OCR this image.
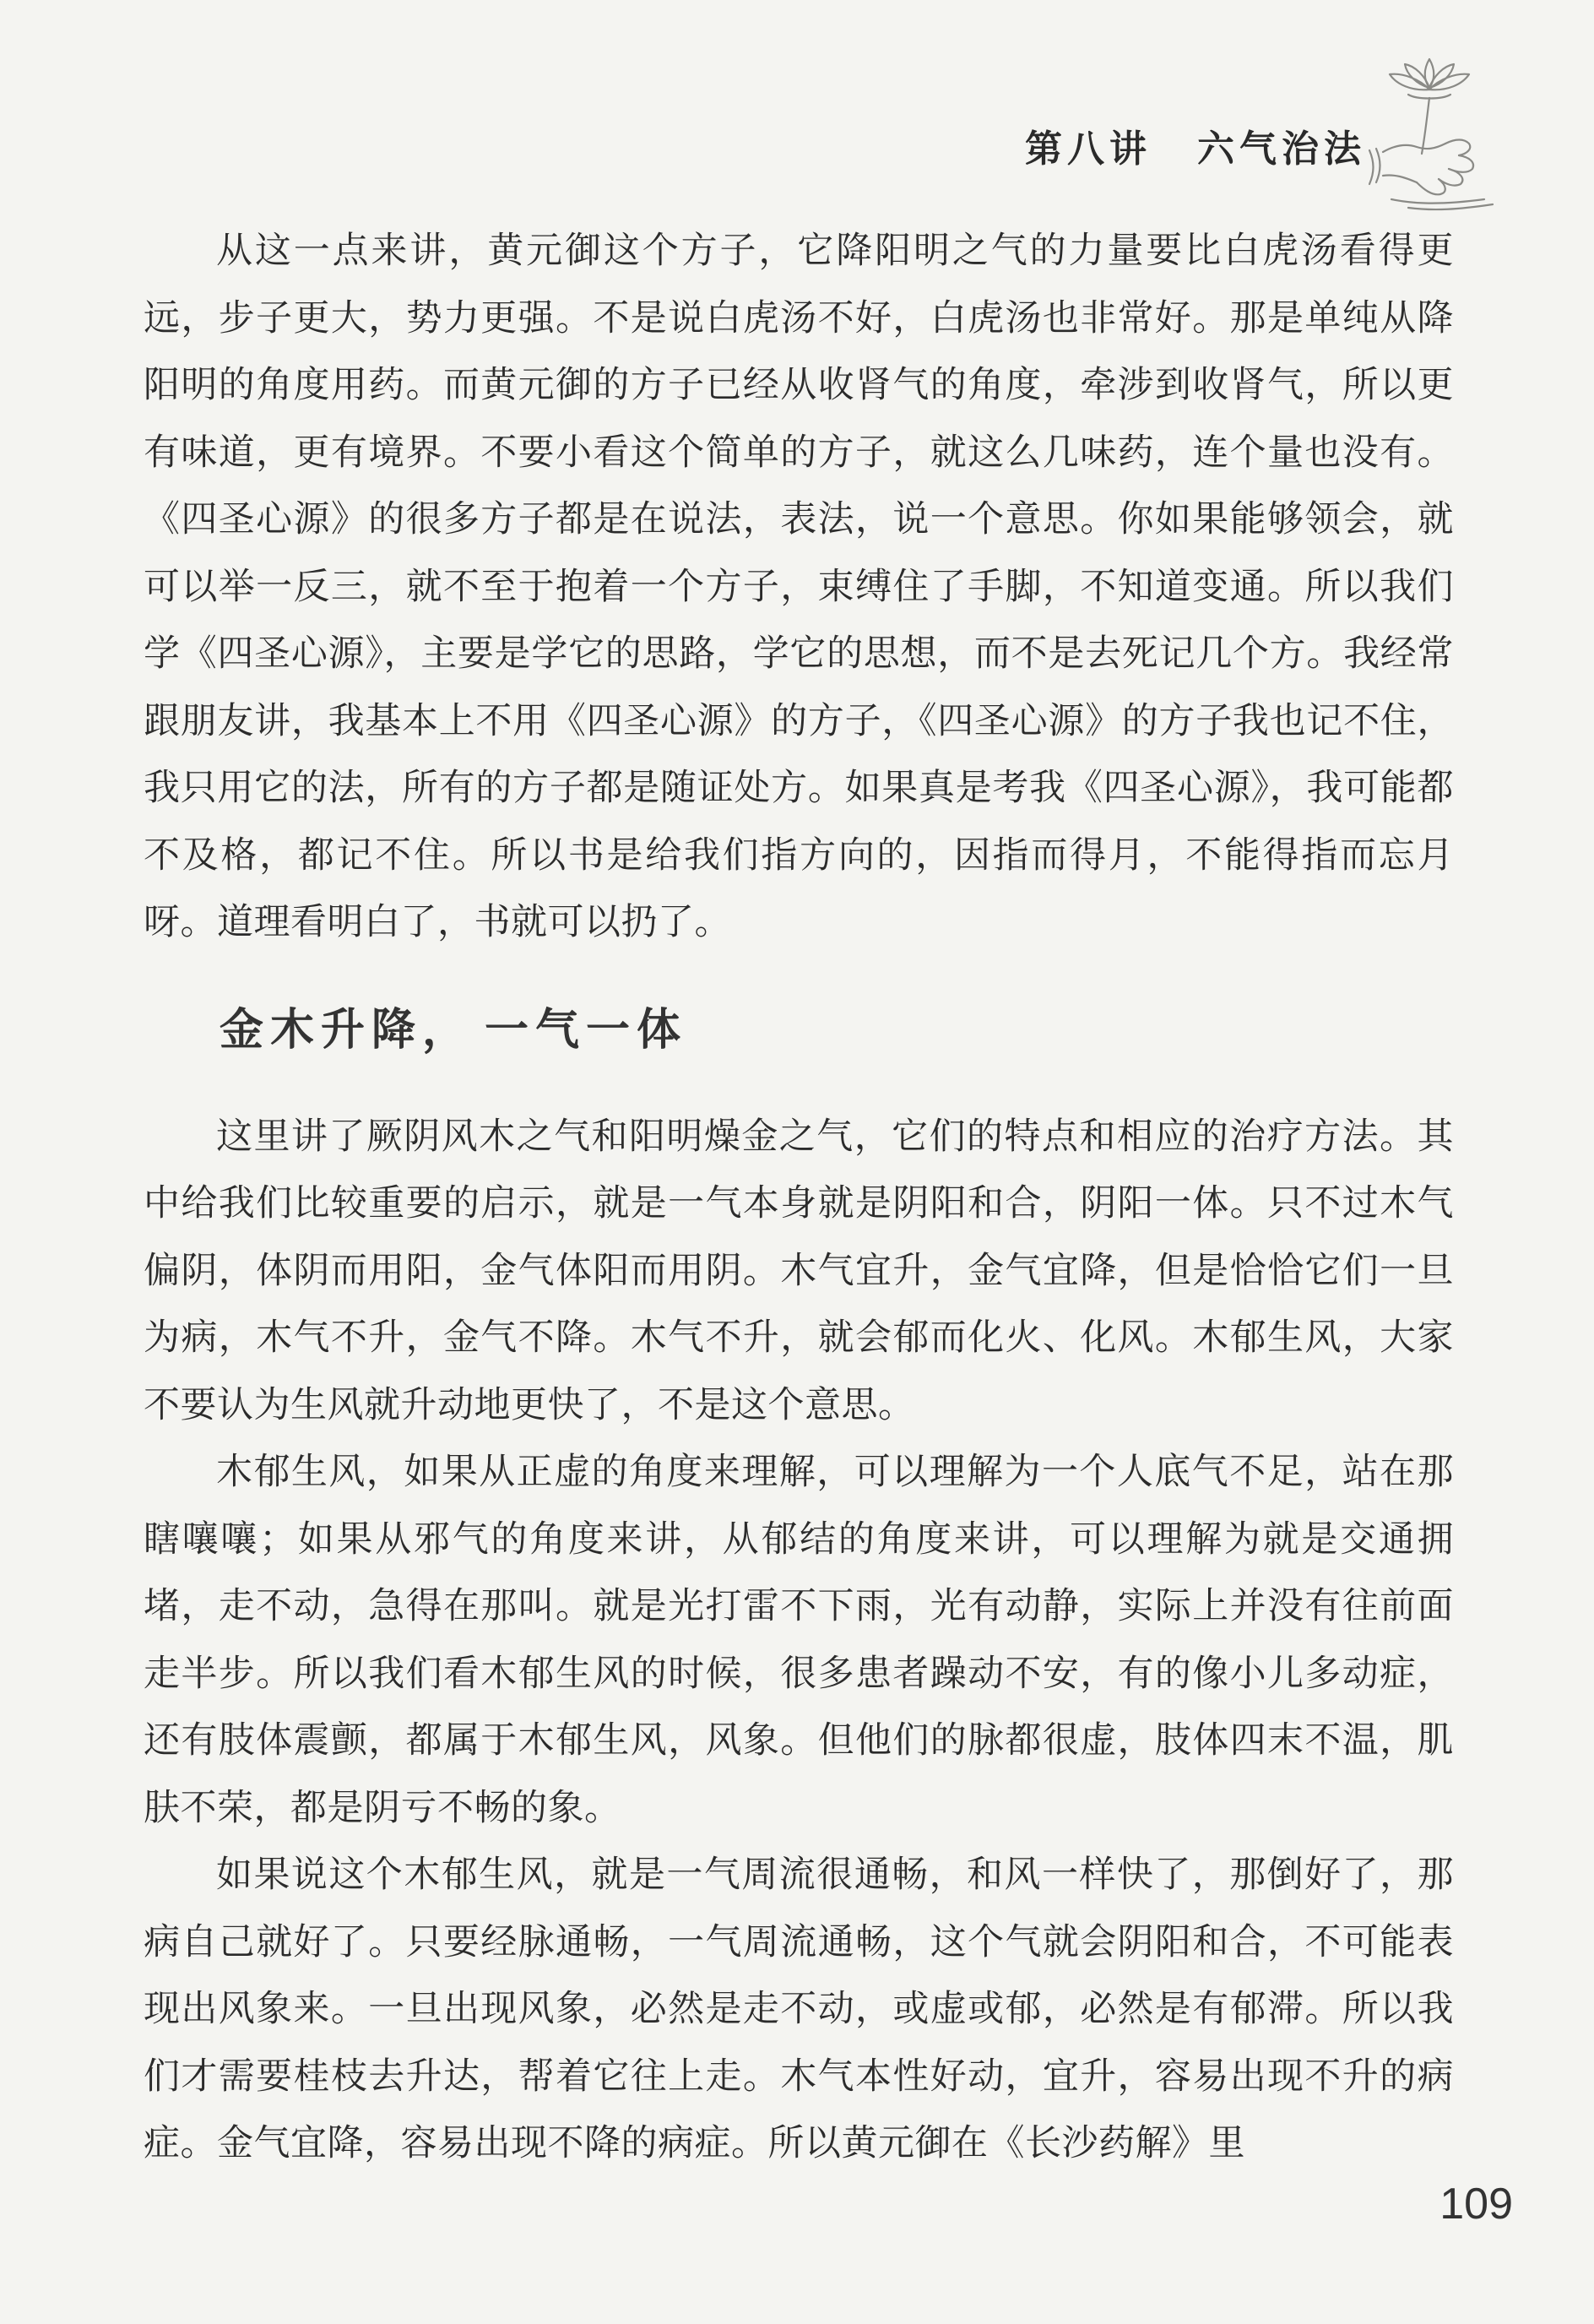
第八讲 六气治法

从这一点来讲，黄元御这个方子，它降阳明之气的力量要比白虎汤看得更远，步子更大，势力更强。不是说白虎汤不好，白虎汤也非常好。那是单纯从降阳明的角度用药。而黄元御的方子已经从收肾气的角度，牵涉到收肾气，所以更有味道，更有境界。不要小看这个简单的方子，就这么几味药，连个量也没有。《四圣心源》的很多方子都是在说法，表法，说一个意思。你如果能够领会，就可以举一反三，就不至于抱着一个方子，束缚住了手脚，不知道变通。所以我们学《四圣心源》，主要是学它的思路，学它的思想，而不是去死记几个方。我经常跟朋友讲，我基本上不用《四圣心源》的方子，《四圣心源》的方子我也记不住，我只用它的法，所有的方子都是随证处方。如果真是考我《四圣心源》，我可能都不及格，都记不住。所以书是给我们指方向的，因指而得月，不能得指而忘月呀。道理看明白了，书就可以扔了。

金木升降，一气一体

这里讲了厥阴风木之气和阳明燥金之气，它们的特点和相应的治疗方法。其中给我们比较重要的启示，就是一气本身就是阴阳和合，阴阳一体。只不过木气偏阴，体阴而用阳，金气体阳而用阴。木气宜升，金气宜降，但是恰恰它们一旦为病，木气不升，金气不降。木气不升，就会郁而化火、化风。木郁生风，大家不要认为生风就升动地更快了，不是这个意思。

木郁生风，如果从正虚的角度来理解，可以理解为一个人底气不足，站在那瞎嚷嚷；如果从邪气的角度来讲，从郁结的角度来讲，可以理解为就是交通拥堵，走不动，急得在那叫。就是光打雷不下雨，光有动静，实际上并没有往前面走半步。所以我们看木郁生风的时候，很多患者躁动不安，有的像小儿多动症，还有肢体震颤，都属于木郁生风，风象。但他们的脉都很虚，肢体四末不温，肌肤不荣，都是阴亏不畅的象。

如果说这个木郁生风，就是一气周流很通畅，和风一样快了，那倒好了，那病自己就好了。只要经脉通畅，一气周流通畅，这个气就会阴阳和合，不可能表现出风象来。一旦出现风象，必然是走不动，或虚或郁，必然是有郁滞。所以我们才需要桂枝去升达，帮着它往上走。木气本性好动，宜升，容易出现不升的病症。金气宜降，容易出现不降的病症。所以黄元御在《长沙药解》里

109
